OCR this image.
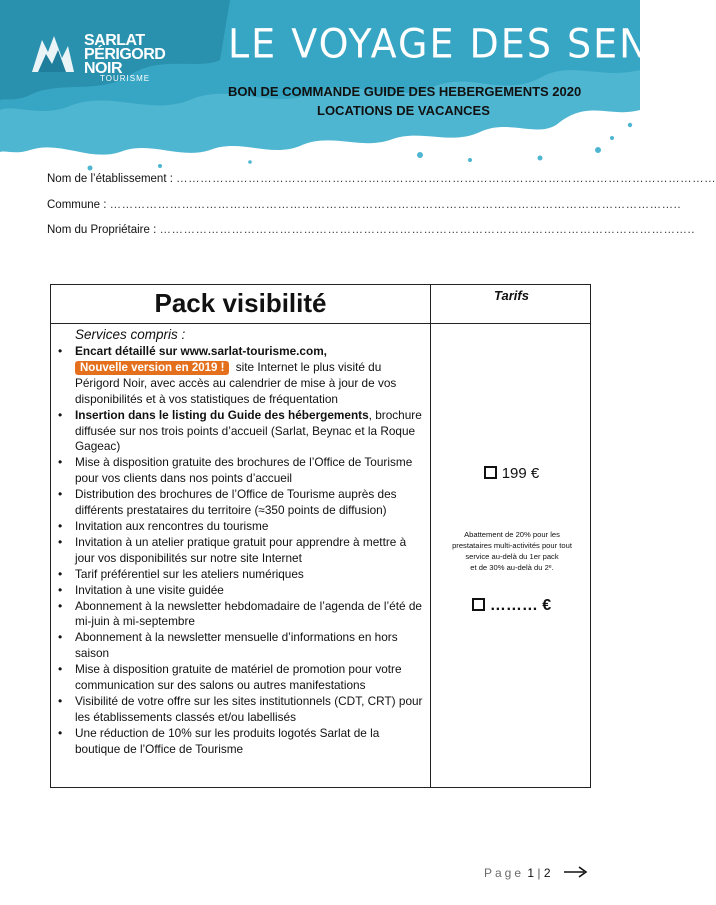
SARLAT
PÉRIGORD
NOIR
TOURISME
LE VOYAGE DES SENS
BON DE COMMANDE GUIDE DES HEBERGEMENTS 2020
LOCATIONS DE VACANCES
Nom de l’établissement : ………………………………………………………………………………………………………………………
Commune : ……………………………………………………………………………………………………………………………..
Nom du Propriétaire : ……………………………………………………………………………………………………………………..
Pack visibilité	Tarifs
Services compris :
• Encart détaillé sur www.sarlat-tourisme.com,
Nouvelle version en 2019 ! site Internet le plus visité du Périgord Noir, avec accès au calendrier de mise à jour de vos disponibilités et à vos statistiques de fréquentation
• Insertion dans le listing du Guide des hébergements, brochure diffusée sur nos trois points d’accueil (Sarlat, Beynac et la Roque Gageac)
• Mise à disposition gratuite des brochures de l’Office de Tourisme pour vos clients dans nos points d’accueil
• Distribution des brochures de l’Office de Tourisme auprès des différents prestataires du territoire (≈350 points de diffusion)
• Invitation aux rencontres du tourisme
• Invitation à un atelier pratique gratuit pour apprendre à mettre à jour vos disponibilités sur notre site Internet
• Tarif préférentiel sur les ateliers numériques
• Invitation à une visite guidée
• Abonnement à la newsletter hebdomadaire de l’agenda de l’été de mi-juin à mi-septembre
• Abonnement à la newsletter mensuelle d’informations en hors saison
• Mise à disposition gratuite de matériel de promotion pour votre communication sur des salons ou autres manifestations
• Visibilité de votre offre sur les sites institutionnels (CDT, CRT) pour les établissements classés et/ou labellisés
• Une réduction de 10% sur les produits logotés Sarlat de la boutique de l’Office de Tourisme
199 €
Abattement de 20% pour les
prestataires multi-activités pour tout
service au-delà du 1er pack
et de 30% au-delà du 2ᵉ.
……… €
Page 1 | 2
